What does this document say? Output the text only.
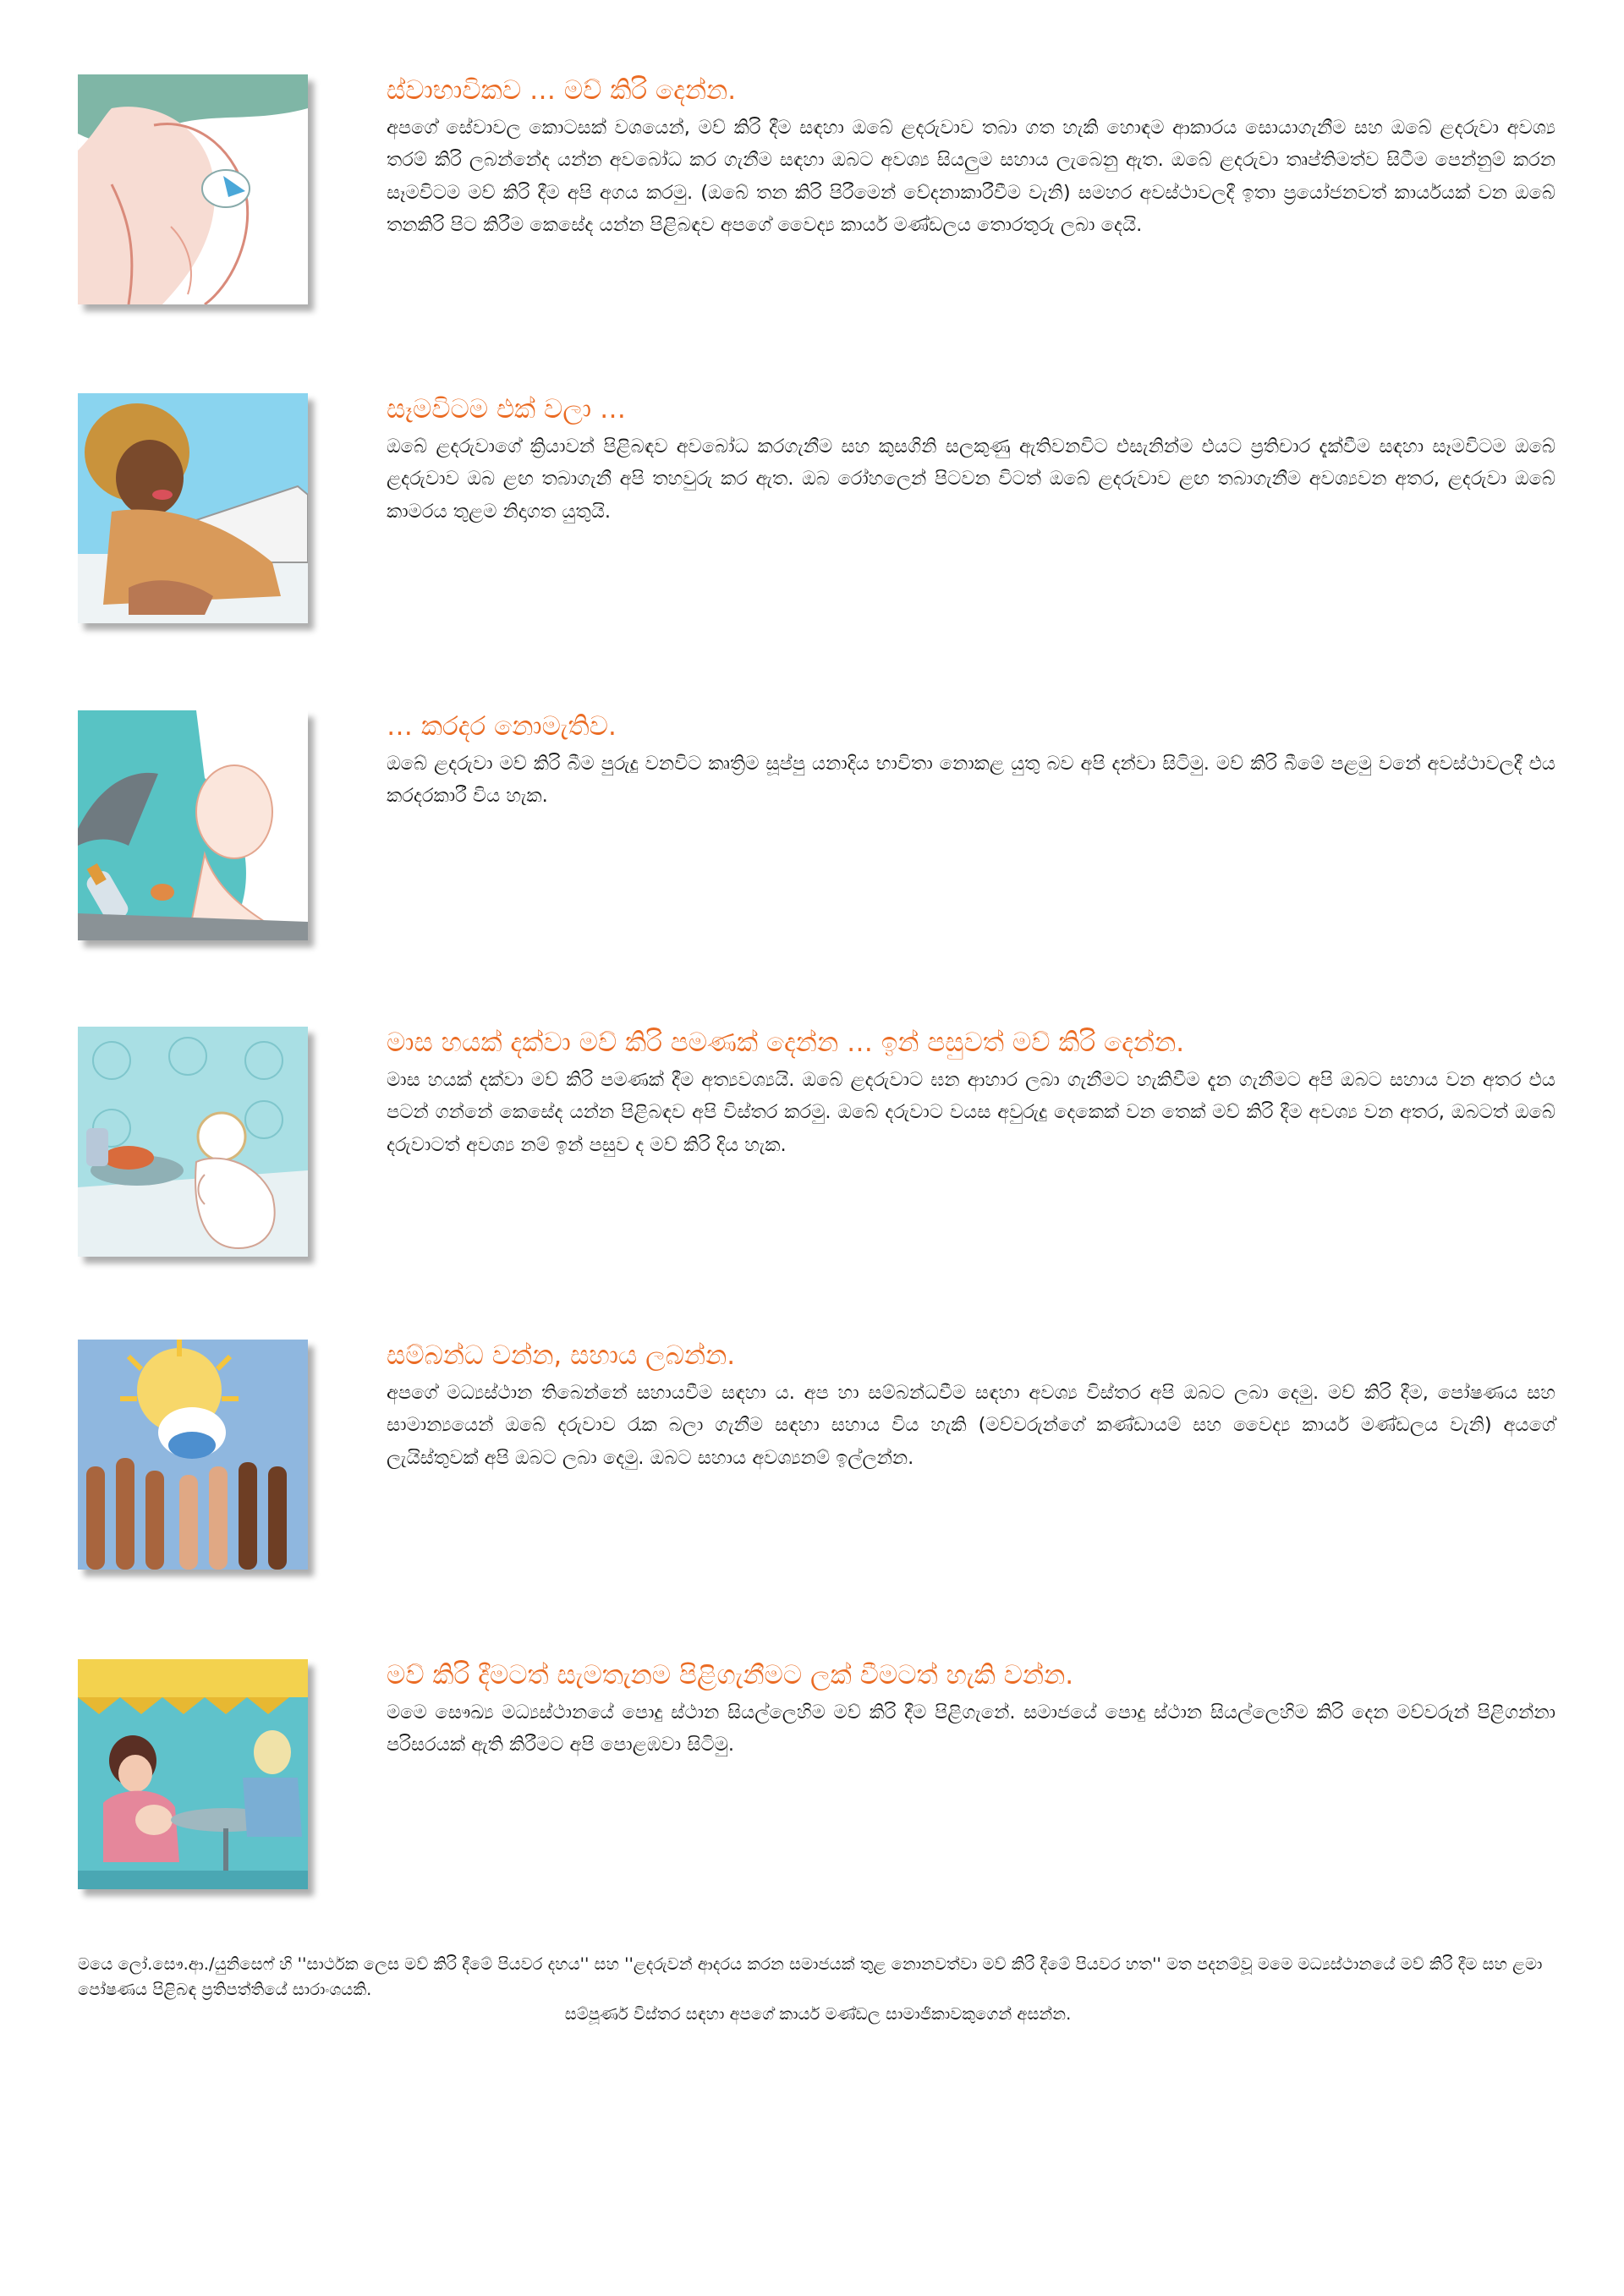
ස්වාභාවිකව … මව් කිරි දෙන්න.

අපගේ සේවාවල කොටසක් වශයෙන්, මව් කිරි දීම සඳහා ඔබේ ළදරුවාව තබා ගත හැකි හොඳම ආකාරය සොයාගැනීම සහ ඔබේ ළදරුවා අවශ්‍ය තරම් කිරි ලබන්නේද යන්න අවබෝධ කර ගැනීම සඳහා ඔබට අවශ්‍ය සියලුම සහාය ලැබෙනු ඇත. ඔබේ ළදරුවා තෘප්තිමත්ව සිටීම පෙන්නුම් කරන සෑමවිටම මව් කිරි දීම අපි අගය කරමු. (ඔබේ තන කිරි පිරීමෙන් වේදනාකාරීවීම වැනි) සමහර අවස්ථාවලදී ඉතා ප්‍රයෝජනවත් කාර්යයක් වන ඔබේ තනකිරි පිට කිරීම කෙසේද යන්න පිළිබඳව අපගේ වෛද්‍ය කාර්ය මණ්ඩලය තොරතුරු ලබා දෙයි.

සෑමවිටම එක් වලා …

ඔබේ ළදරුවාගේ ක්‍රියාවන් පිළිබඳව අවබෝධ කරගැනීම සහ කුසගිනි සලකුණු ඇතිවනවිට එසැනින්ම එයට ප්‍රතිචාර දැක්වීම සඳහා සෑමවිටම ඔබේ ළදරුවාව ඔබ ළඟ තබාගැනී අපි තහවුරු කර ඇත. ඔබ රෝහලෙන් පිටවන විටත් ඔබේ ළදරුවාව ළඟ තබාගැනීම අවශ්‍යවන අතර, ළදරුවා ඔබේ කාමරය තුළම නිදාගත යුතුයි.

… කරදර නොමැතිව.

ඔබේ ළදරුවා මව් කිරි බීම පුරුදු වනවිට කෘත්‍රිම සූප්පු යනාදිය භාවිතා නොකළ යුතු බව අපි දන්වා සිටිමු. මව් කිරි බීමේ පළමු වනේ අවස්ථාවලදී එය කරදරකාරී විය හැක.

මාස හයක් දක්වා මව් කිරි පමණක් දෙන්න … ඉන් පසුවත් මව් කිරි දෙන්න.

මාස හයක් දක්වා මව් කිරි පමණක් දීම අත්‍යවශ්‍යයි. ඔබේ ළදරුවාට ඝන ආහාර ලබා ගැනීමට හැකිවීම දැන ගැනීමට අපි ඔබට සහාය වන අතර එය පටන් ගන්නේ කෙසේද යන්න පිළිබඳව අපි විස්තර කරමු. ඔබේ දරුවාට වයස අවුරුදු දෙකෙක් වන තෙක් මව් කිරි දීම අවශ්‍ය වන අතර, ඔබටත් ඔබේ දරුවාටත් අවශ්‍ය නම් ඉන් පසුව ද මව් කිරි දිය හැක.

සම්බන්ධ වන්න, සහාය ලබන්න.

අපගේ මධ්‍යස්ථාන තිබෙන්නේ සහායවීම සඳහා ය. අප හා සම්බන්ධවීම සඳහා අවශ්‍ය විස්තර අපි ඔබට ලබා දෙමු. මව් කිරි දීම, පෝෂණය සහ සාමාන්‍යයෙන් ඔබේ දරුවාව රැක බලා ගැනීම සඳහා සහාය විය හැකි (මව්වරුන්ගේ කණ්ඩායම් සහ වෛද්‍ය කාර්ය මණ්ඩලය වැනි) අයගේ ලැයිස්තුවක් අපි ඔබට ලබා දෙමු. ඔබට සහාය අවශ්‍යනම් ඉල්ලන්න.

මව් කිරි දීමටත් සැමතැනම පිළිගැනීමට ලක් වීමටත් හැකි වන්න.

මමෙ සෞඛ්‍ය මධ්‍යස්ථානයේ පොදු ස්ථාන සියල්ලෙහිම මව් කිරි දීම පිළිගැනේ. සමාජයේ පොදු ස්ථාන සියල්ලෙහිම කිරි දෙන මව්වරුන් පිළිගන්නා පරිසරයක් ඇති කිරීමට අපි පොළඹවා සිටිමු.

මයෙ ලෝ.සෞ.ආ./යුනිසෙෆ් හි ''සාර්ථක ලෙස මව් කිරි දීමේ පියවර දහය'' සහ ''ළදරුවන් ආදරය කරන සමාජයක් තුළ නොනවත්වා මව් කිරි දීමේ පියවර හත'' මත පදනම්වූ මමෙ මධ්‍යස්ථානයේ මව් කිරි දීම සහ ළමා පෝෂණය පිළිබඳ ප්‍රතිපත්තියේ සාරාංශයකි.

සම්පූර්ණ විස්තර සඳහා අපගේ කාර්ය මණ්ඩල සාමාජිකාවකුගෙන් අසන්න.
